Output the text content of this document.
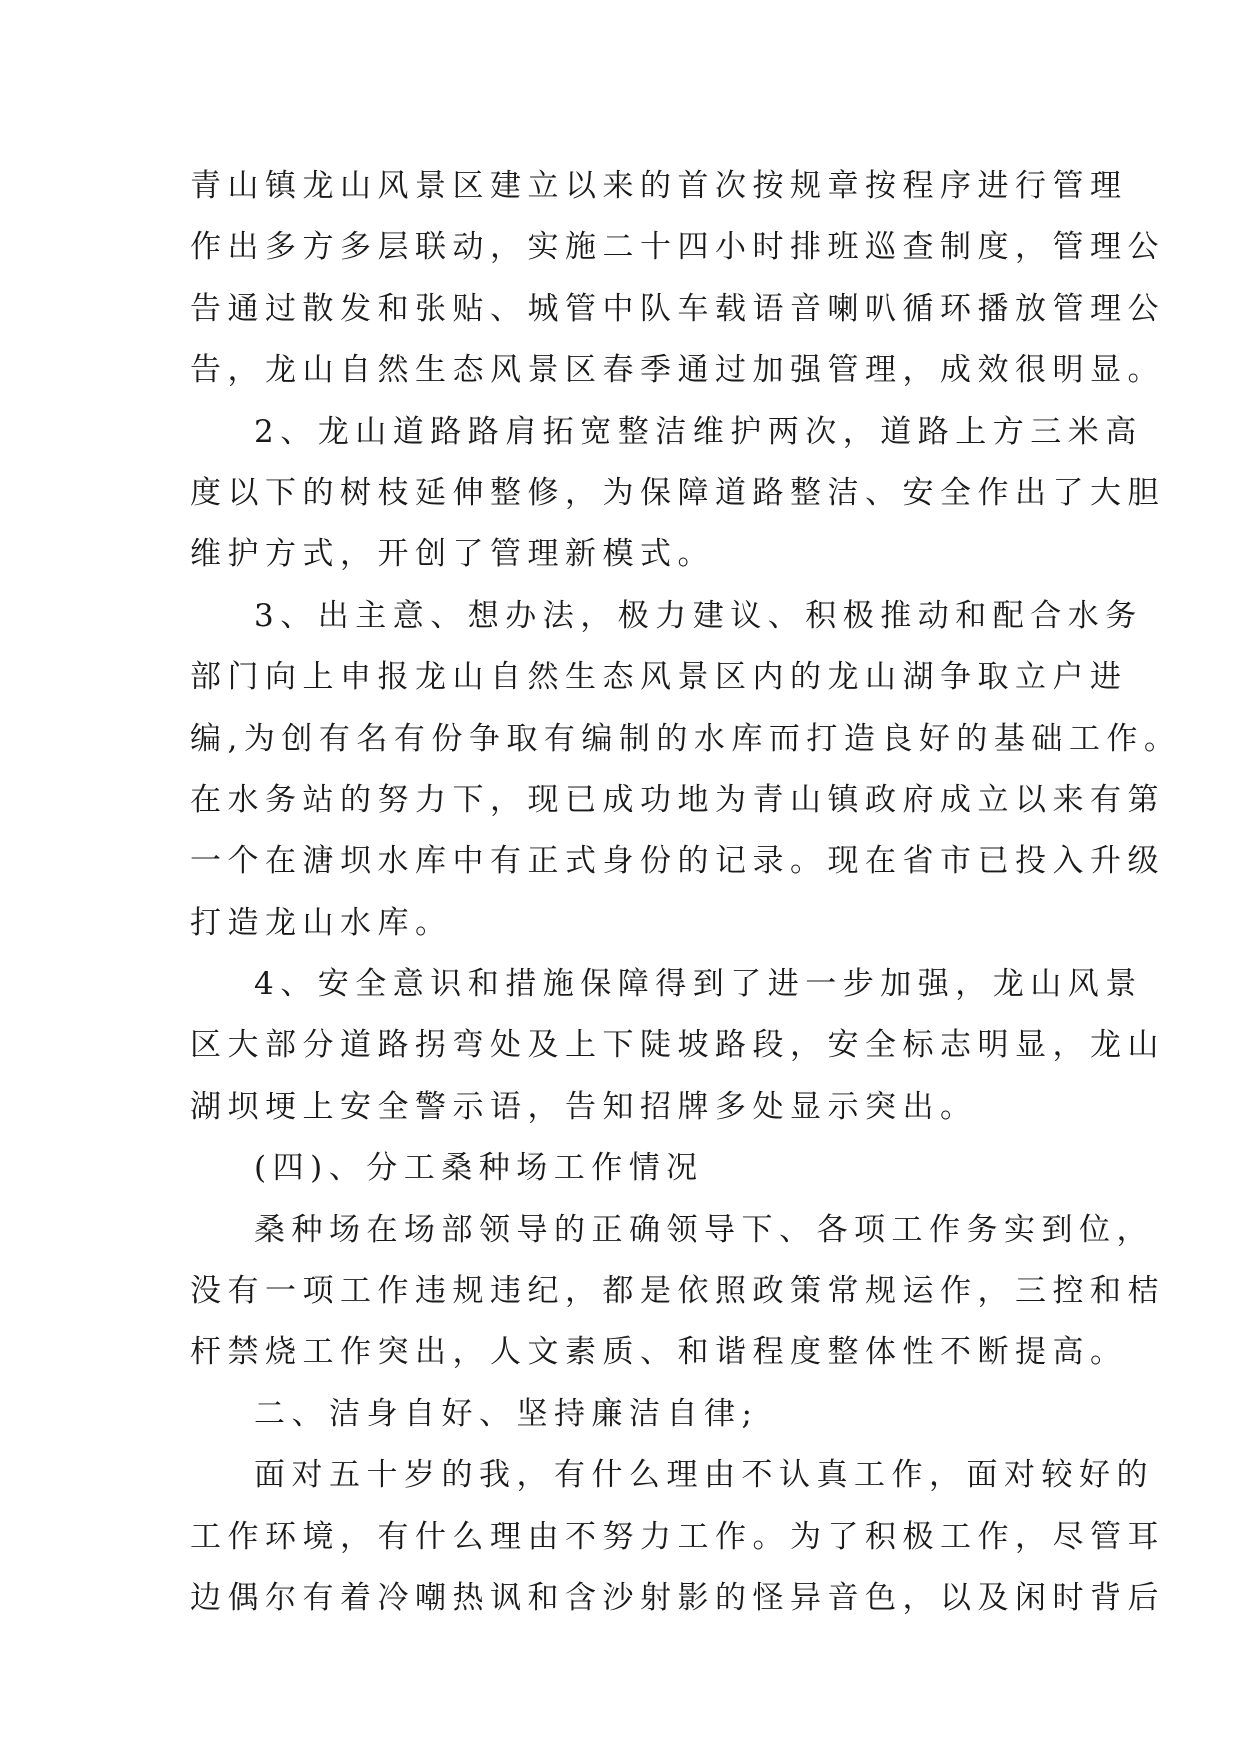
青山镇龙山风景区建立以来的首次按规章按程序进行管理
作出多方多层联动，实施二十四小时排班巡查制度，管理公
告通过散发和张贴、城管中队车载语音喇叭循环播放管理公
告，龙山自然生态风景区春季通过加强管理，成效很明显。
2、龙山道路路肩拓宽整洁维护两次，道路上方三米高
度以下的树枝延伸整修，为保障道路整洁、安全作出了大胆
维护方式，开创了管理新模式。
3、出主意、想办法，极力建议、积极推动和配合水务
部门向上申报龙山自然生态风景区内的龙山湖争取立户进
编,为创有名有份争取有编制的水库而打造良好的基础工作。
在水务站的努力下，现已成功地为青山镇政府成立以来有第
一个在溏坝水库中有正式身份的记录。现在省市已投入升级
打造龙山水库。
4、安全意识和措施保障得到了进一步加强，龙山风景
区大部分道路拐弯处及上下陡坡路段，安全标志明显，龙山
湖坝埂上安全警示语，告知招牌多处显示突出。
(四)、分工桑种场工作情况
桑种场在场部领导的正确领导下、各项工作务实到位，
没有一项工作违规违纪，都是依照政策常规运作，三控和桔
杆禁烧工作突出，人文素质、和谐程度整体性不断提高。
二、洁身自好、坚持廉洁自律;
面对五十岁的我，有什么理由不认真工作，面对较好的
工作环境，有什么理由不努力工作。为了积极工作，尽管耳
边偶尔有着冷嘲热讽和含沙射影的怪异音色，以及闲时背后
